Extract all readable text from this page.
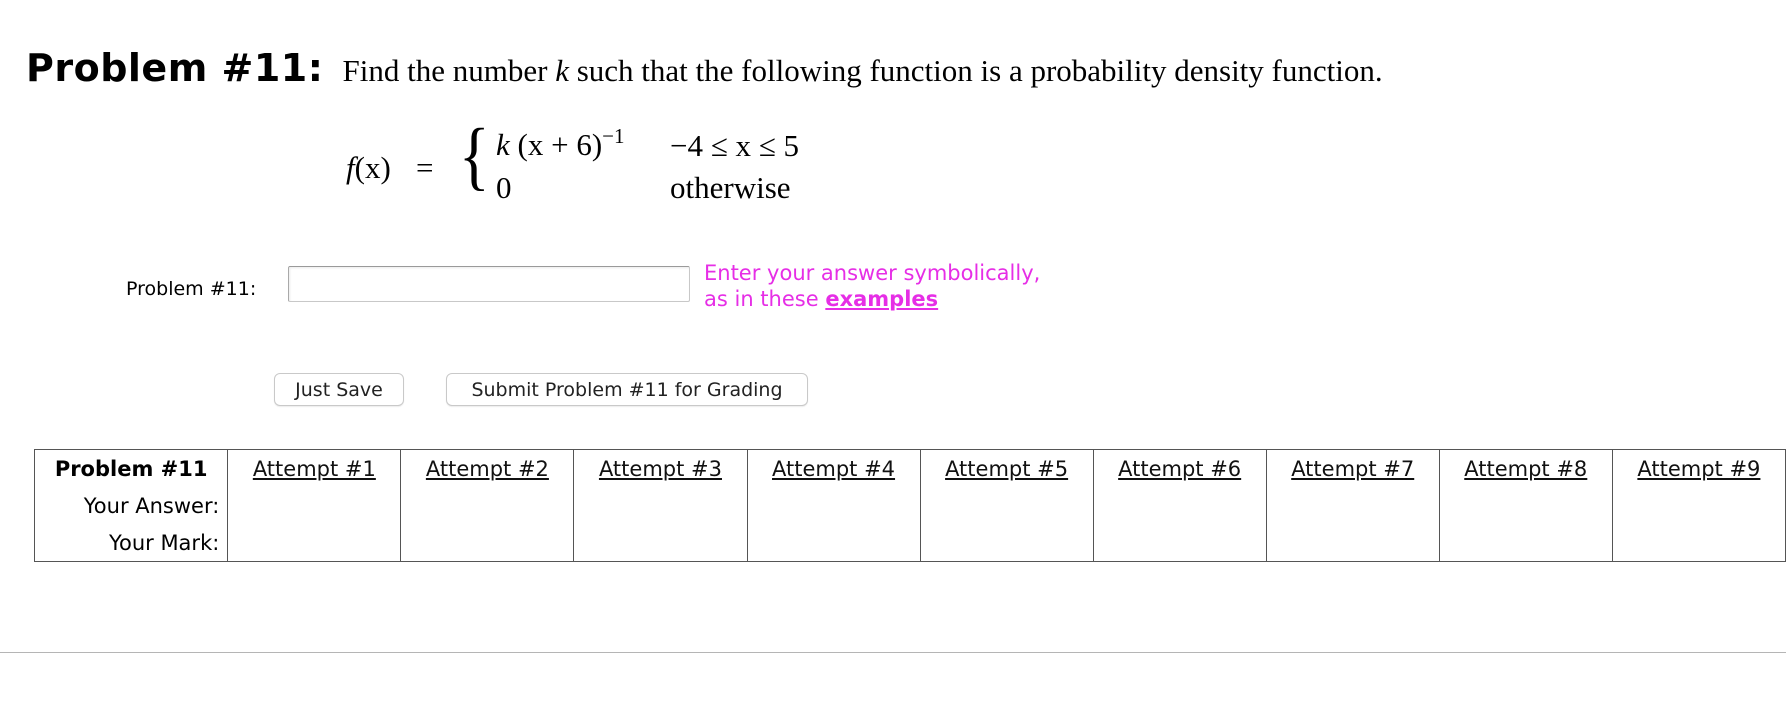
Problem #11: Find the number k such that the following function is a probability density function.
f(x) = { k $(x + 6)^{-1} -4 \le x \le 5$
0	otherwise
Problem #11:
Enter your answer symbolically,
as in these examples
Just Save	Submit Problem #11 for Grading
Problem #11	Attempt #1	Attempt #2	Attempt #3	Attempt #4	Attempt #5	Attempt #6	Attempt #7	Attempt #8	Attempt #9
Your Answer:									
Your Mark:									
